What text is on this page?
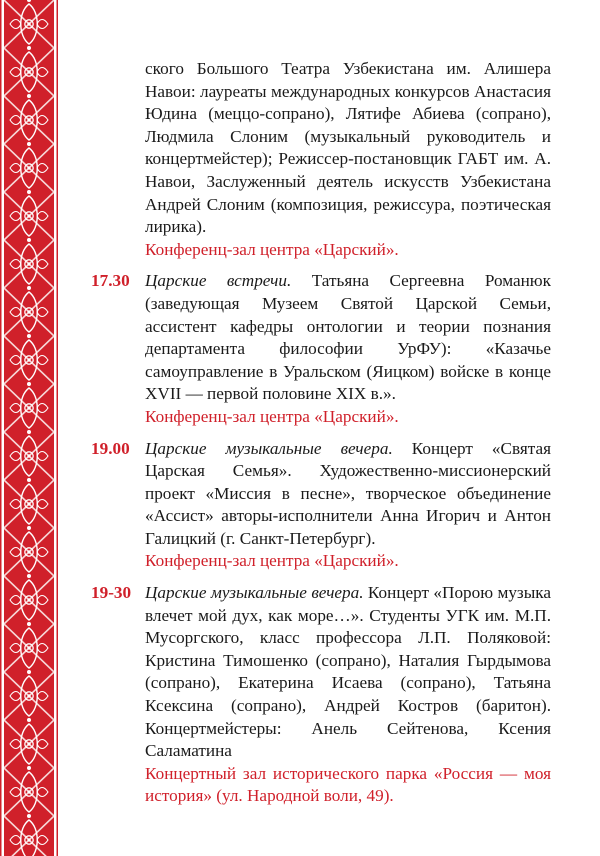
ского Большого Театра Узбекистана им. Алишера Навои: лауреаты международных конкурсов Анастасия Юдина (меццо-сопрано), Лятифе Абиева (сопрано), Людмила Слоним (музыкальный руководитель и концертмейстер); Режиссер-постановщик ГАБТ им. А. Навои, Заслуженный деятель искусств Узбекистана Андрей Слоним (композиция, режиссура, поэтическая лирика).

Конференц-зал центра «Царский».

17.30 Царские встречи. Татьяна Сергеевна Романюк (заведующая Музеем Святой Царской Семьи, ассистент кафедры онтологии и теории познания департамента философии УрФУ): «Казачье самоуправление в Уральском (Яицком) войске в конце XVII — первой половине XIX в.».

Конференц-зал центра «Царский».

19.00 Царские музыкальные вечера. Концерт «Святая Царская Семья». Художественно-миссионерский проект «Миссия в песне», творческое объединение «Ассист» авторы-исполнители Анна Игорич и Антон Галицкий (г. Санкт-Петербург).

Конференц-зал центра «Царский».

19-30 Царские музыкальные вечера. Концерт «Порою музыка влечет мой дух, как море…». Студенты УГК им. М.П. Мусоргского, класс профессора Л.П. Поляковой: Кристина Тимошенко (сопрано), Наталия Гырдымова (сопрано), Екатерина Исаева (сопрано), Татьяна Ксексина (сопрано), Андрей Костров (баритон). Концертмейстеры: Анель Сейтенова, Ксения Саламатина

Концертный зал исторического парка «Россия — моя история» (ул. Народной воли, 49).
